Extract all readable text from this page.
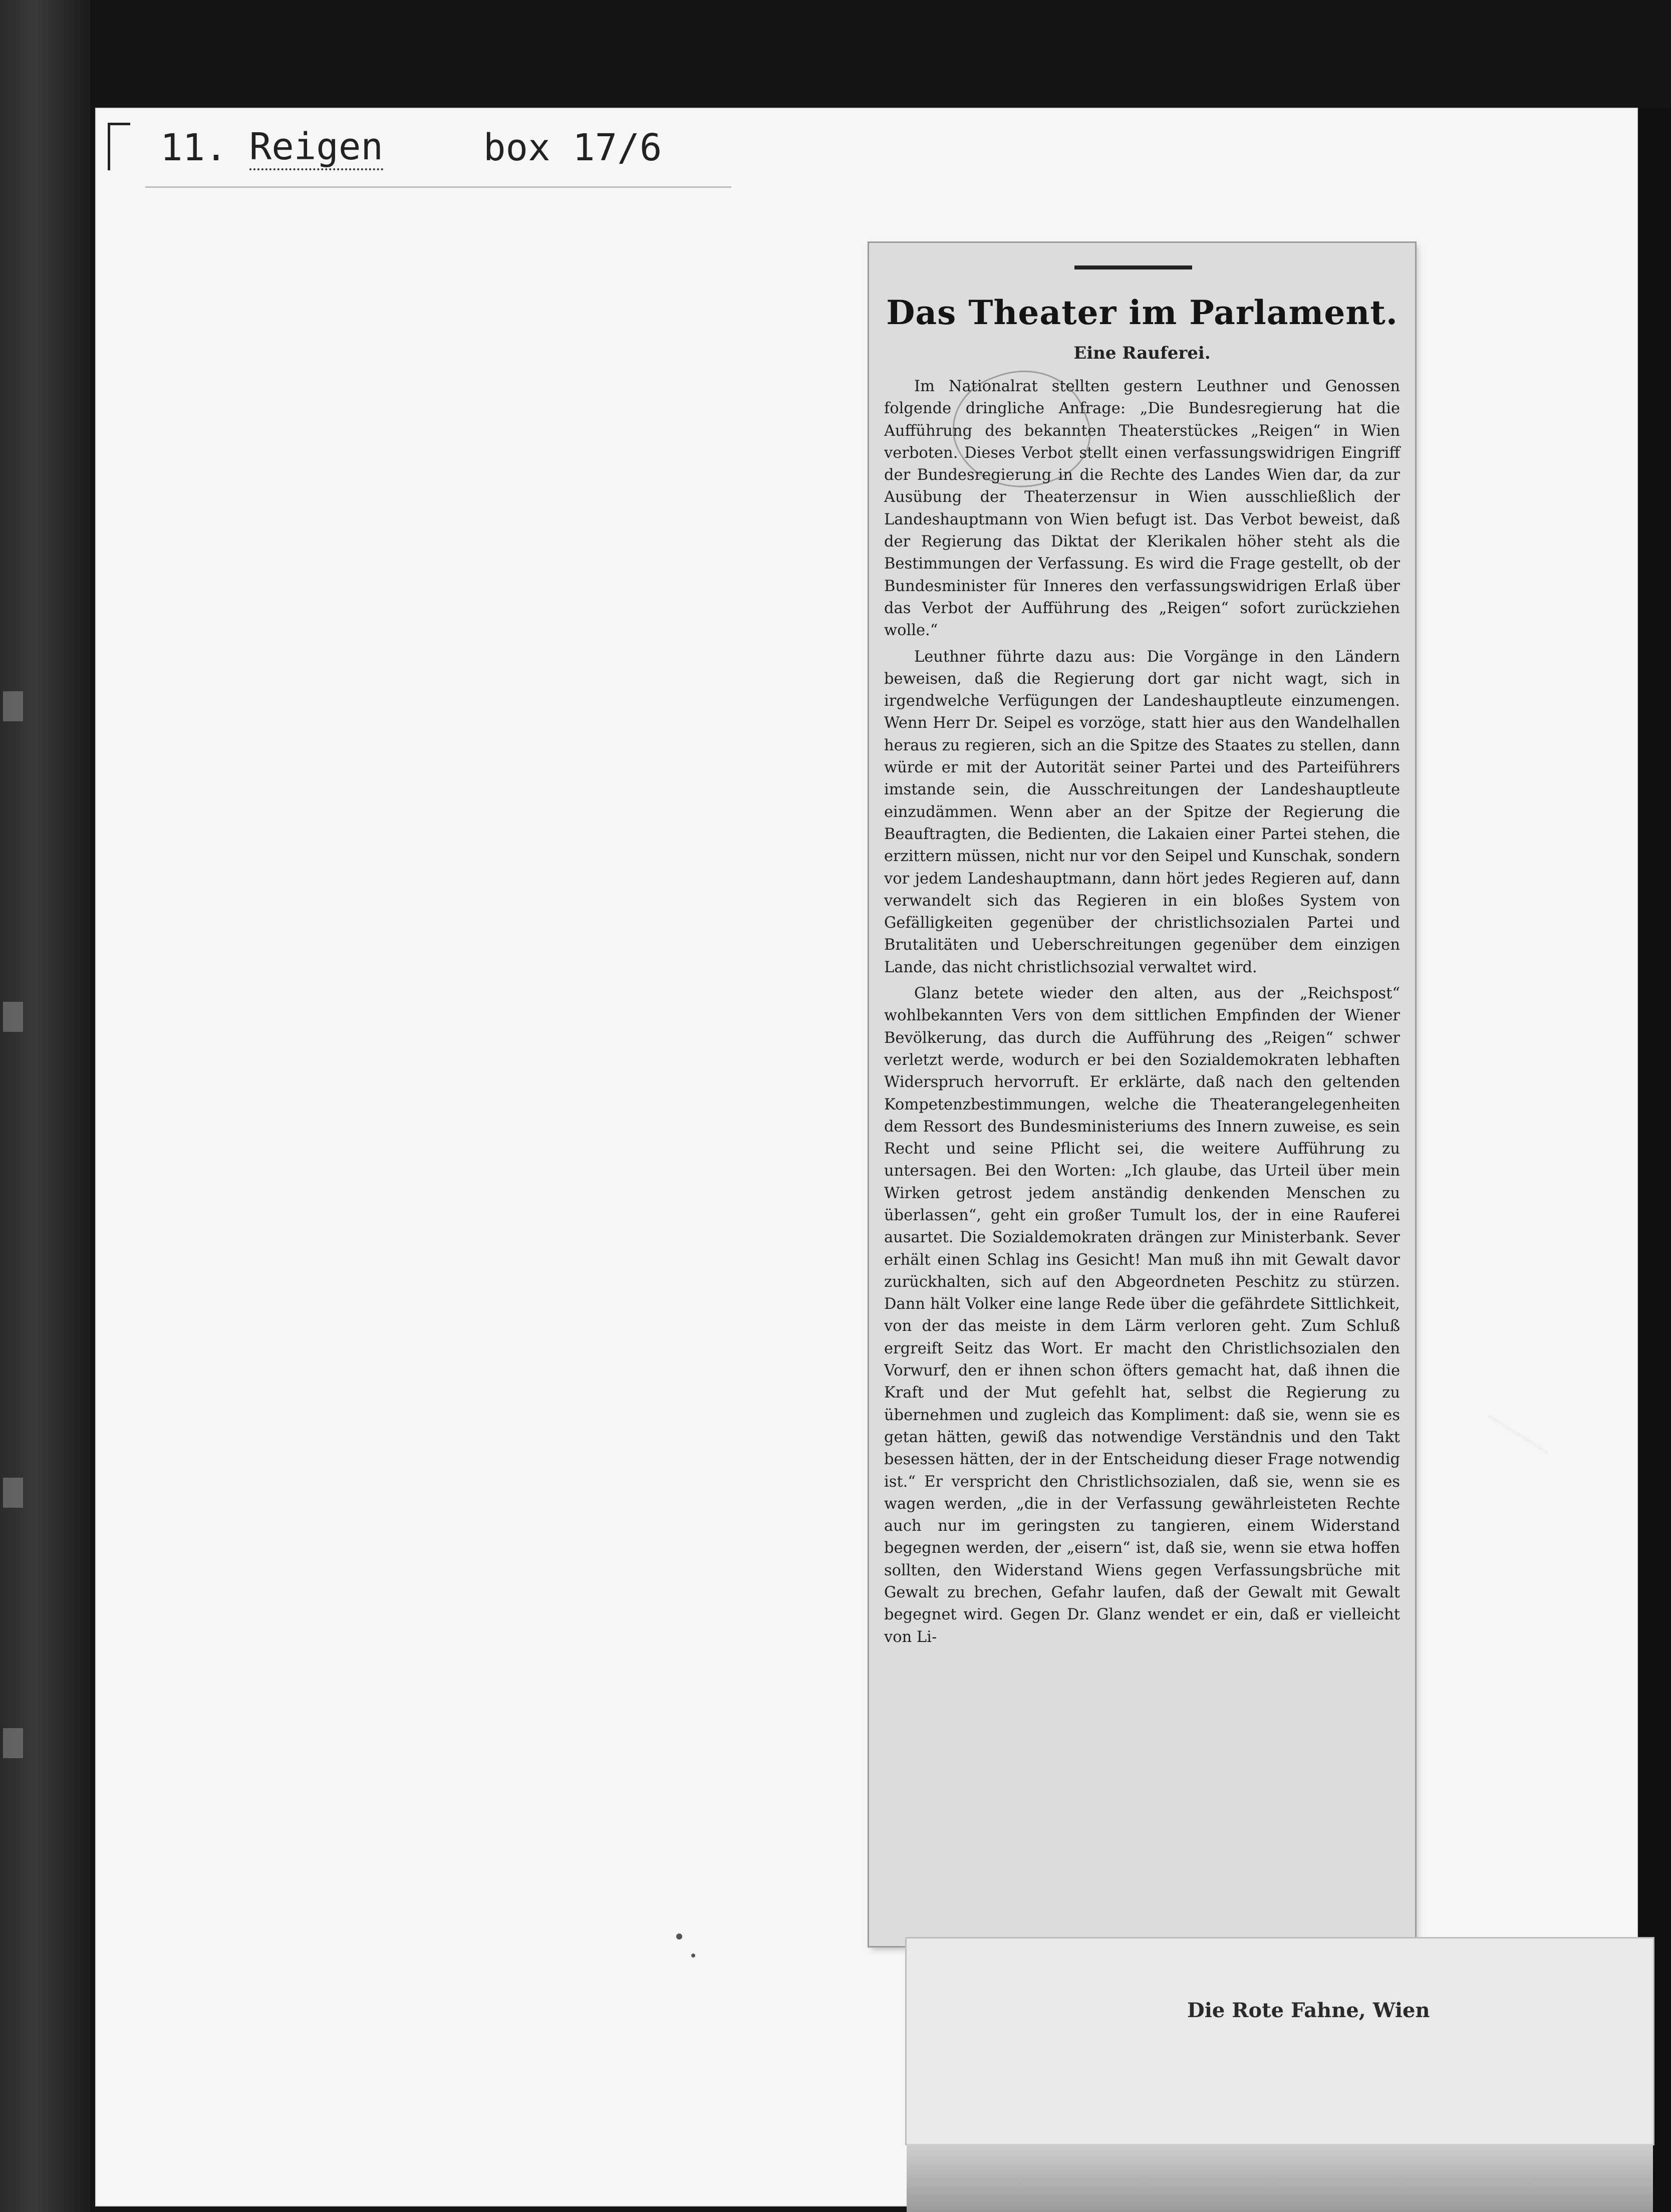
11. Reigen	box 17/6
Das Theater im Parlament.
Eine Rauferei.

Im Nationalrat stellten gestern Leuthner und Genossen folgende dringliche Anfrage: „Die Bundesregierung hat die Aufführung des bekannten Theaterstückes „Reigen“ in Wien verboten. Dieses Verbot stellt einen verfassungswidrigen Eingriff der Bundesregierung in die Rechte des Landes Wien dar, da zur Ausübung der Theaterzensur in Wien ausschließlich der Landeshauptmann von Wien befugt ist. Das Verbot beweist, daß der Regierung das Diktat der Klerikalen höher steht als die Bestimmungen der Verfassung. Es wird die Frage gestellt, ob der Bundesminister für Inneres den verfassungswidrigen Erlaß über das Verbot der Aufführung des „Reigen“ sofort zurückziehen wolle.“

Leuthner führte dazu aus: Die Vorgänge in den Ländern beweisen, daß die Regierung dort gar nicht wagt, sich in irgendwelche Verfügungen der Landeshauptleute einzumengen. Wenn Herr Dr. Seipel es vorzöge, statt hier aus den Wandelhallen heraus zu regieren, sich an die Spitze des Staates zu stellen, dann würde er mit der Autorität seiner Partei und des Parteiführers imstande sein, die Ausschreitungen der Landeshauptleute einzudämmen. Wenn aber an der Spitze der Regierung die Beauftragten, die Bedienten, die Lakaien einer Partei stehen, die erzittern müssen, nicht nur vor den Seipel und Kunschak, sondern vor jedem Landeshauptmann, dann hört jedes Regieren auf, dann verwandelt sich das Regieren in ein bloßes System von Gefälligkeiten gegenüber der christlichsozialen Partei und Brutalitäten und Ueberschreitungen gegenüber dem einzigen Lande, das nicht christlichsozial verwaltet wird.

Glanz betete wieder den alten, aus der „Reichspost“ wohlbekannten Vers von dem sittlichen Empfinden der Wiener Bevölkerung, das durch die Aufführung des „Reigen“ schwer verletzt werde, wodurch er bei den Sozialdemokraten lebhaften Widerspruch hervorruft. Er erklärte, daß nach den geltenden Kompetenzbestimmungen, welche die Theaterangelegenheiten dem Ressort des Bundesministeriums des Innern zuweise, es sein Recht und seine Pflicht sei, die weitere Aufführung zu untersagen. Bei den Worten: „Ich glaube, das Urteil über mein Wirken getrost jedem anständig denkenden Menschen zu überlassen“, geht ein großer Tumult los, der in eine Rauferei ausartet. Die Sozialdemokraten drängen zur Ministerbank. Sever erhält einen Schlag ins Gesicht! Man muß ihn mit Gewalt davor zurückhalten, sich auf den Abgeordneten Peschitz zu stürzen. Dann hält Volker eine lange Rede über die gefährdete Sittlichkeit, von der das meiste in dem Lärm verloren geht. Zum Schluß ergreift Seitz das Wort. Er macht den Christlichsozialen den Vorwurf, den er ihnen schon öfters gemacht hat, daß ihnen die Kraft und der Mut gefehlt hat, selbst die Regierung zu übernehmen und zugleich das Kompliment: daß sie, wenn sie es getan hätten, gewiß das notwendige Verständnis und den Takt besessen hätten, der in der Entscheidung dieser Frage notwendig ist.“ Er verspricht den Christlichsozialen, daß sie, wenn sie es wagen werden, „die in der Verfassung gewährleisteten Rechte auch nur im geringsten zu tangieren, einem Widerstand begegnen werden, der „eisern“ ist, daß sie, wenn sie etwa hoffen sollten, den Widerstand Wiens gegen Verfassungsbrüche mit Gewalt zu brechen, Gefahr laufen, daß der Gewalt mit Gewalt begegnet wird. Gegen Dr. Glanz wendet er ein, daß er vielleicht von Li-

Die Rote Fahne, Wien
